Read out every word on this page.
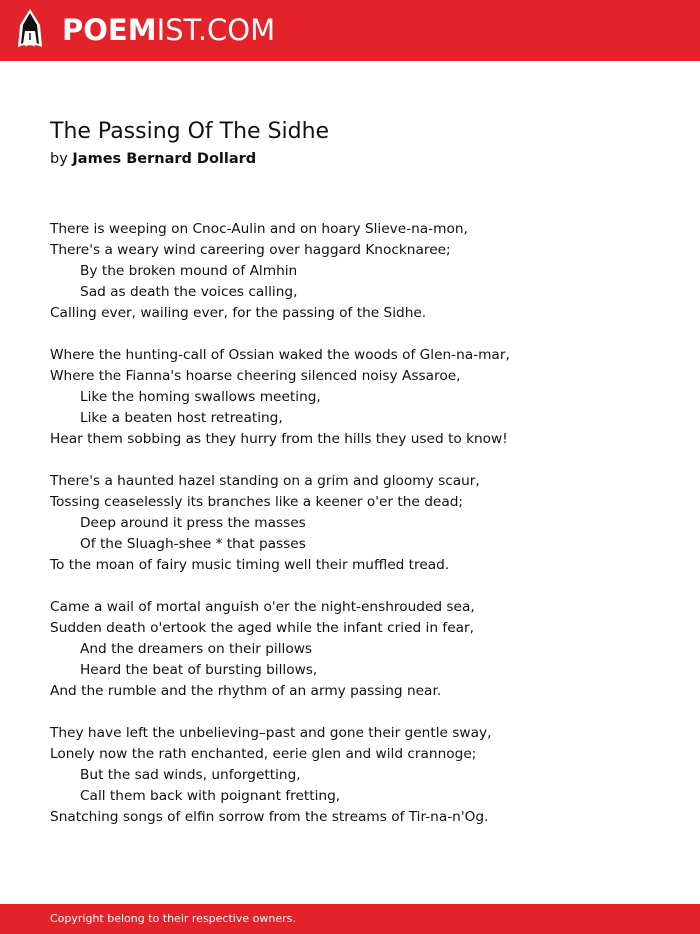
POEMIST.COM
The Passing Of The Sidhe
by James Bernard Dollard
There is weeping on Cnoc-Aulin and on hoary Slieve-na-mon,
There's a weary wind careering over haggard Knocknaree;
By the broken mound of Almhin
Sad as death the voices calling,
Calling ever, wailing ever, for the passing of the Sidhe.
Where the hunting-call of Ossian waked the woods of Glen-na-mar,
Where the Fianna's hoarse cheering silenced noisy Assaroe,
Like the homing swallows meeting,
Like a beaten host retreating,
Hear them sobbing as they hurry from the hills they used to know!
There's a haunted hazel standing on a grim and gloomy scaur,
Tossing ceaselessly its branches like a keener o'er the dead;
Deep around it press the masses
Of the Sluagh-shee * that passes
To the moan of fairy music timing well their muffled tread.
Came a wail of mortal anguish o'er the night-enshrouded sea,
Sudden death o'ertook the aged while the infant cried in fear,
And the dreamers on their pillows
Heard the beat of bursting billows,
And the rumble and the rhythm of an army passing near.
They have left the unbelieving–past and gone their gentle sway,
Lonely now the rath enchanted, eerie glen and wild crannoge;
But the sad winds, unforgetting,
Call them back with poignant fretting,
Snatching songs of elfin sorrow from the streams of Tir-na-n'Og.
Copyright belong to their respective owners.
